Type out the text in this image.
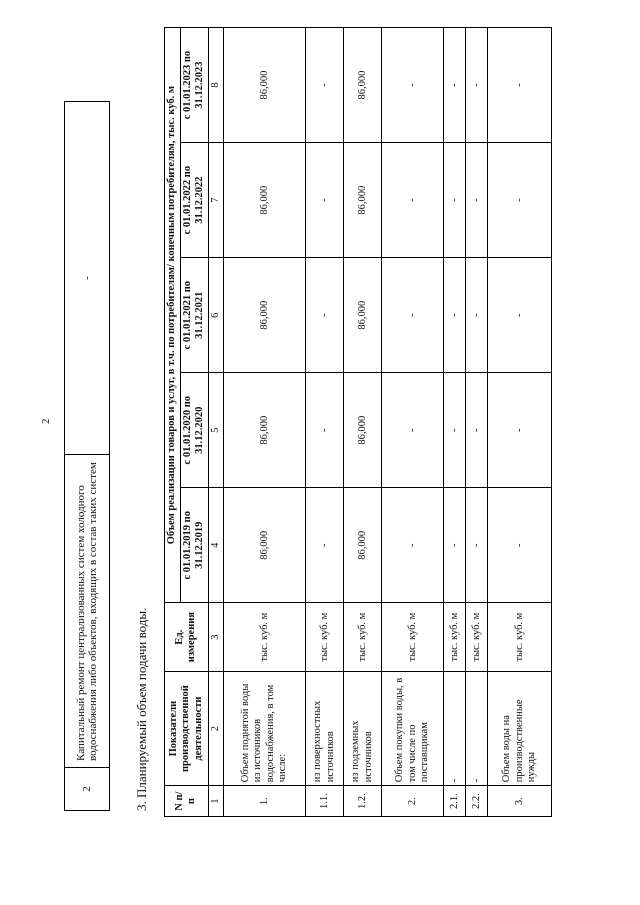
2
2	Капитальный ремонт централизованных систем холодного водоснабжения либо объектов, входящих в состав таких систем	-
3. Планируемый объем подачи воды. N п/п	Показатели производственной деятельности	Ед. измерения	Объем реализации товаров и услуг, в т.ч. по потребителям/ конечным потребителям, тыс. куб. м				
			с 01.01.2019 по 31.12.2019	с 01.01.2020 по 31.12.2020	с 01.01.2021 по 31.12.2021	с 01.01.2022 по 31.12.2022	с 01.01.2023 по 31.12.2023
1	2	3	4	5	6	7	8
1.	Объем поднятой воды из источников водоснабжения, в том числе:	тыс. куб. м	86,000	86,000	86,000	86,000	86,000
1.1.	из поверхностных источников	тыс. куб. м	-	-	-	-	-
1.2.	из подземных источников	тыс. куб. м	86,000	86,000	86,000	86,000	86,000
2.	Объем покупки воды, в том числе по поставщикам	тыс. куб. м	-	-	-	-	-
2.1.	-	тыс. куб. м	-	-	-	-	-
2.2.	-	тыс. куб. м	-	-	-	-	-
3.	Объем воды на производственные нужды	тыс. куб. м	-	-	-	-	-
